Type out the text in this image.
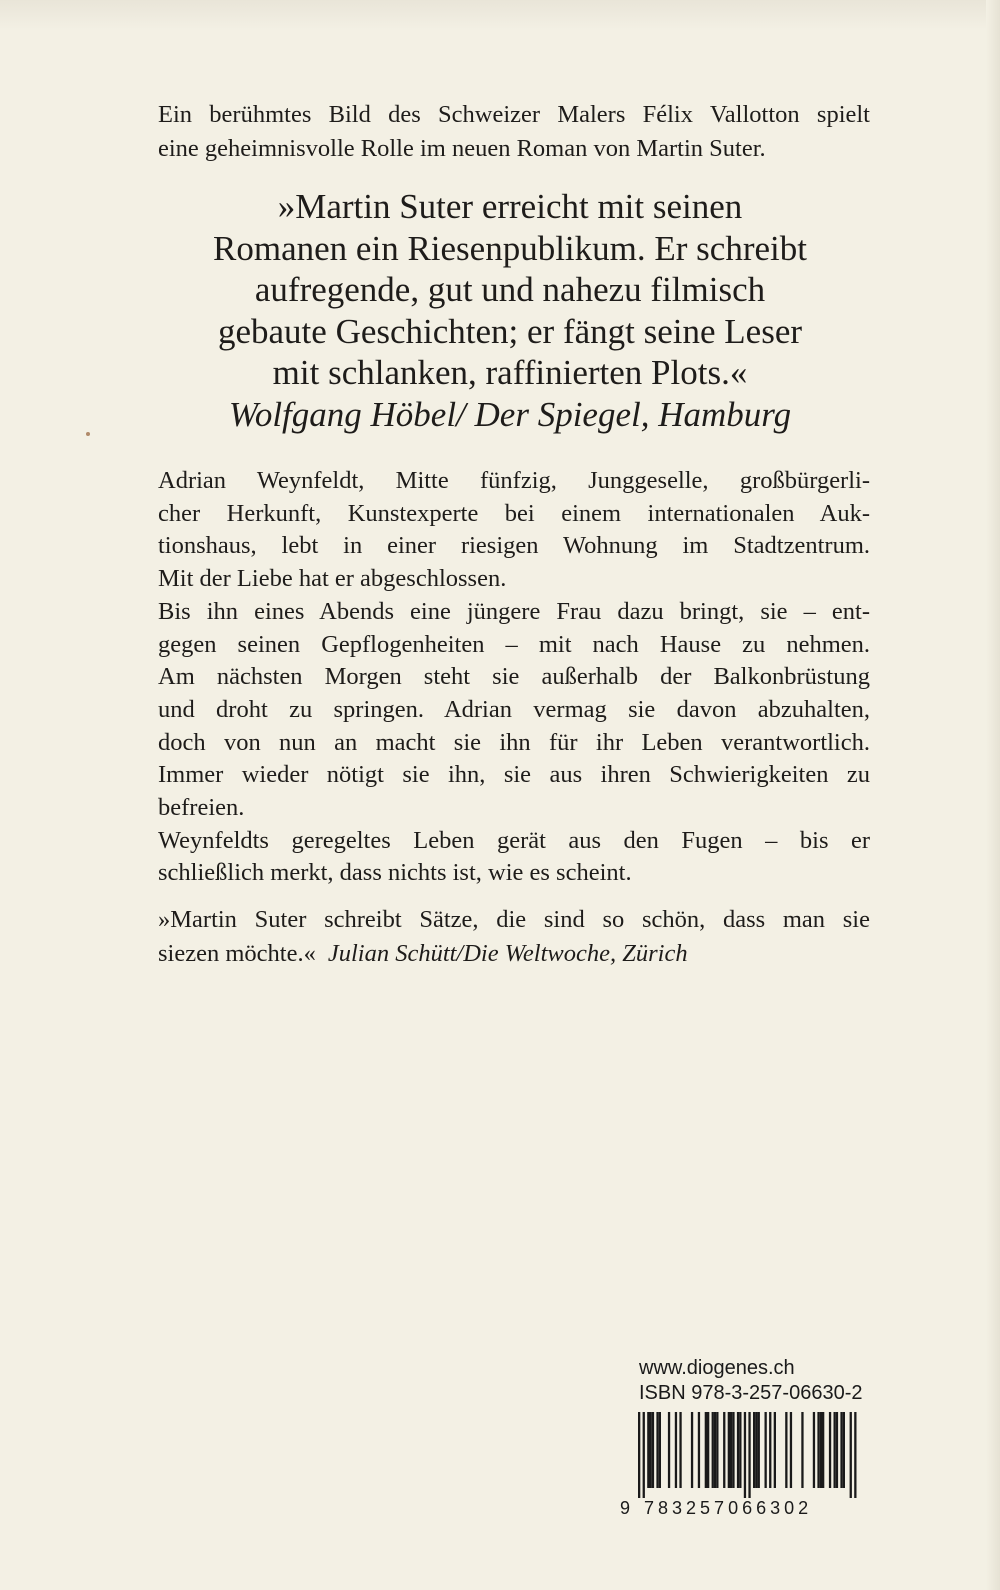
Ein berühmtes Bild des Schweizer Malers Félix Vallotton spielt
eine geheimnisvolle Rolle im neuen Roman von Martin Suter.
»Martin Suter erreicht mit seinen
Romanen ein Riesenpublikum. Er schreibt
aufregende, gut und nahezu filmisch
gebaute Geschichten; er fängt seine Leser
mit schlanken, raffinierten Plots.«
Wolfgang Höbel/ Der Spiegel, Hamburg
Adrian Weynfeldt, Mitte fünfzig, Junggeselle, großbürgerli-
cher Herkunft, Kunstexperte bei einem internationalen Auk-
tionshaus, lebt in einer riesigen Wohnung im Stadtzentrum.
Mit der Liebe hat er abgeschlossen.
Bis ihn eines Abends eine jüngere Frau dazu bringt, sie – ent-
gegen seinen Gepflogenheiten – mit nach Hause zu nehmen.
Am nächsten Morgen steht sie außerhalb der Balkonbrüstung
und droht zu springen. Adrian vermag sie davon abzuhalten,
doch von nun an macht sie ihn für ihr Leben verantwortlich.
Immer wieder nötigt sie ihn, sie aus ihren Schwierigkeiten zu
befreien.
Weynfeldts geregeltes Leben gerät aus den Fugen – bis er
schließlich merkt, dass nichts ist, wie es scheint.
»Martin Suter schreibt Sätze, die sind so schön, dass man sie
siezen möchte.« Julian Schütt/Die Weltwoche, Zürich
www.diogenes.ch
ISBN 978-3-257-06630-2
9 783257066302
